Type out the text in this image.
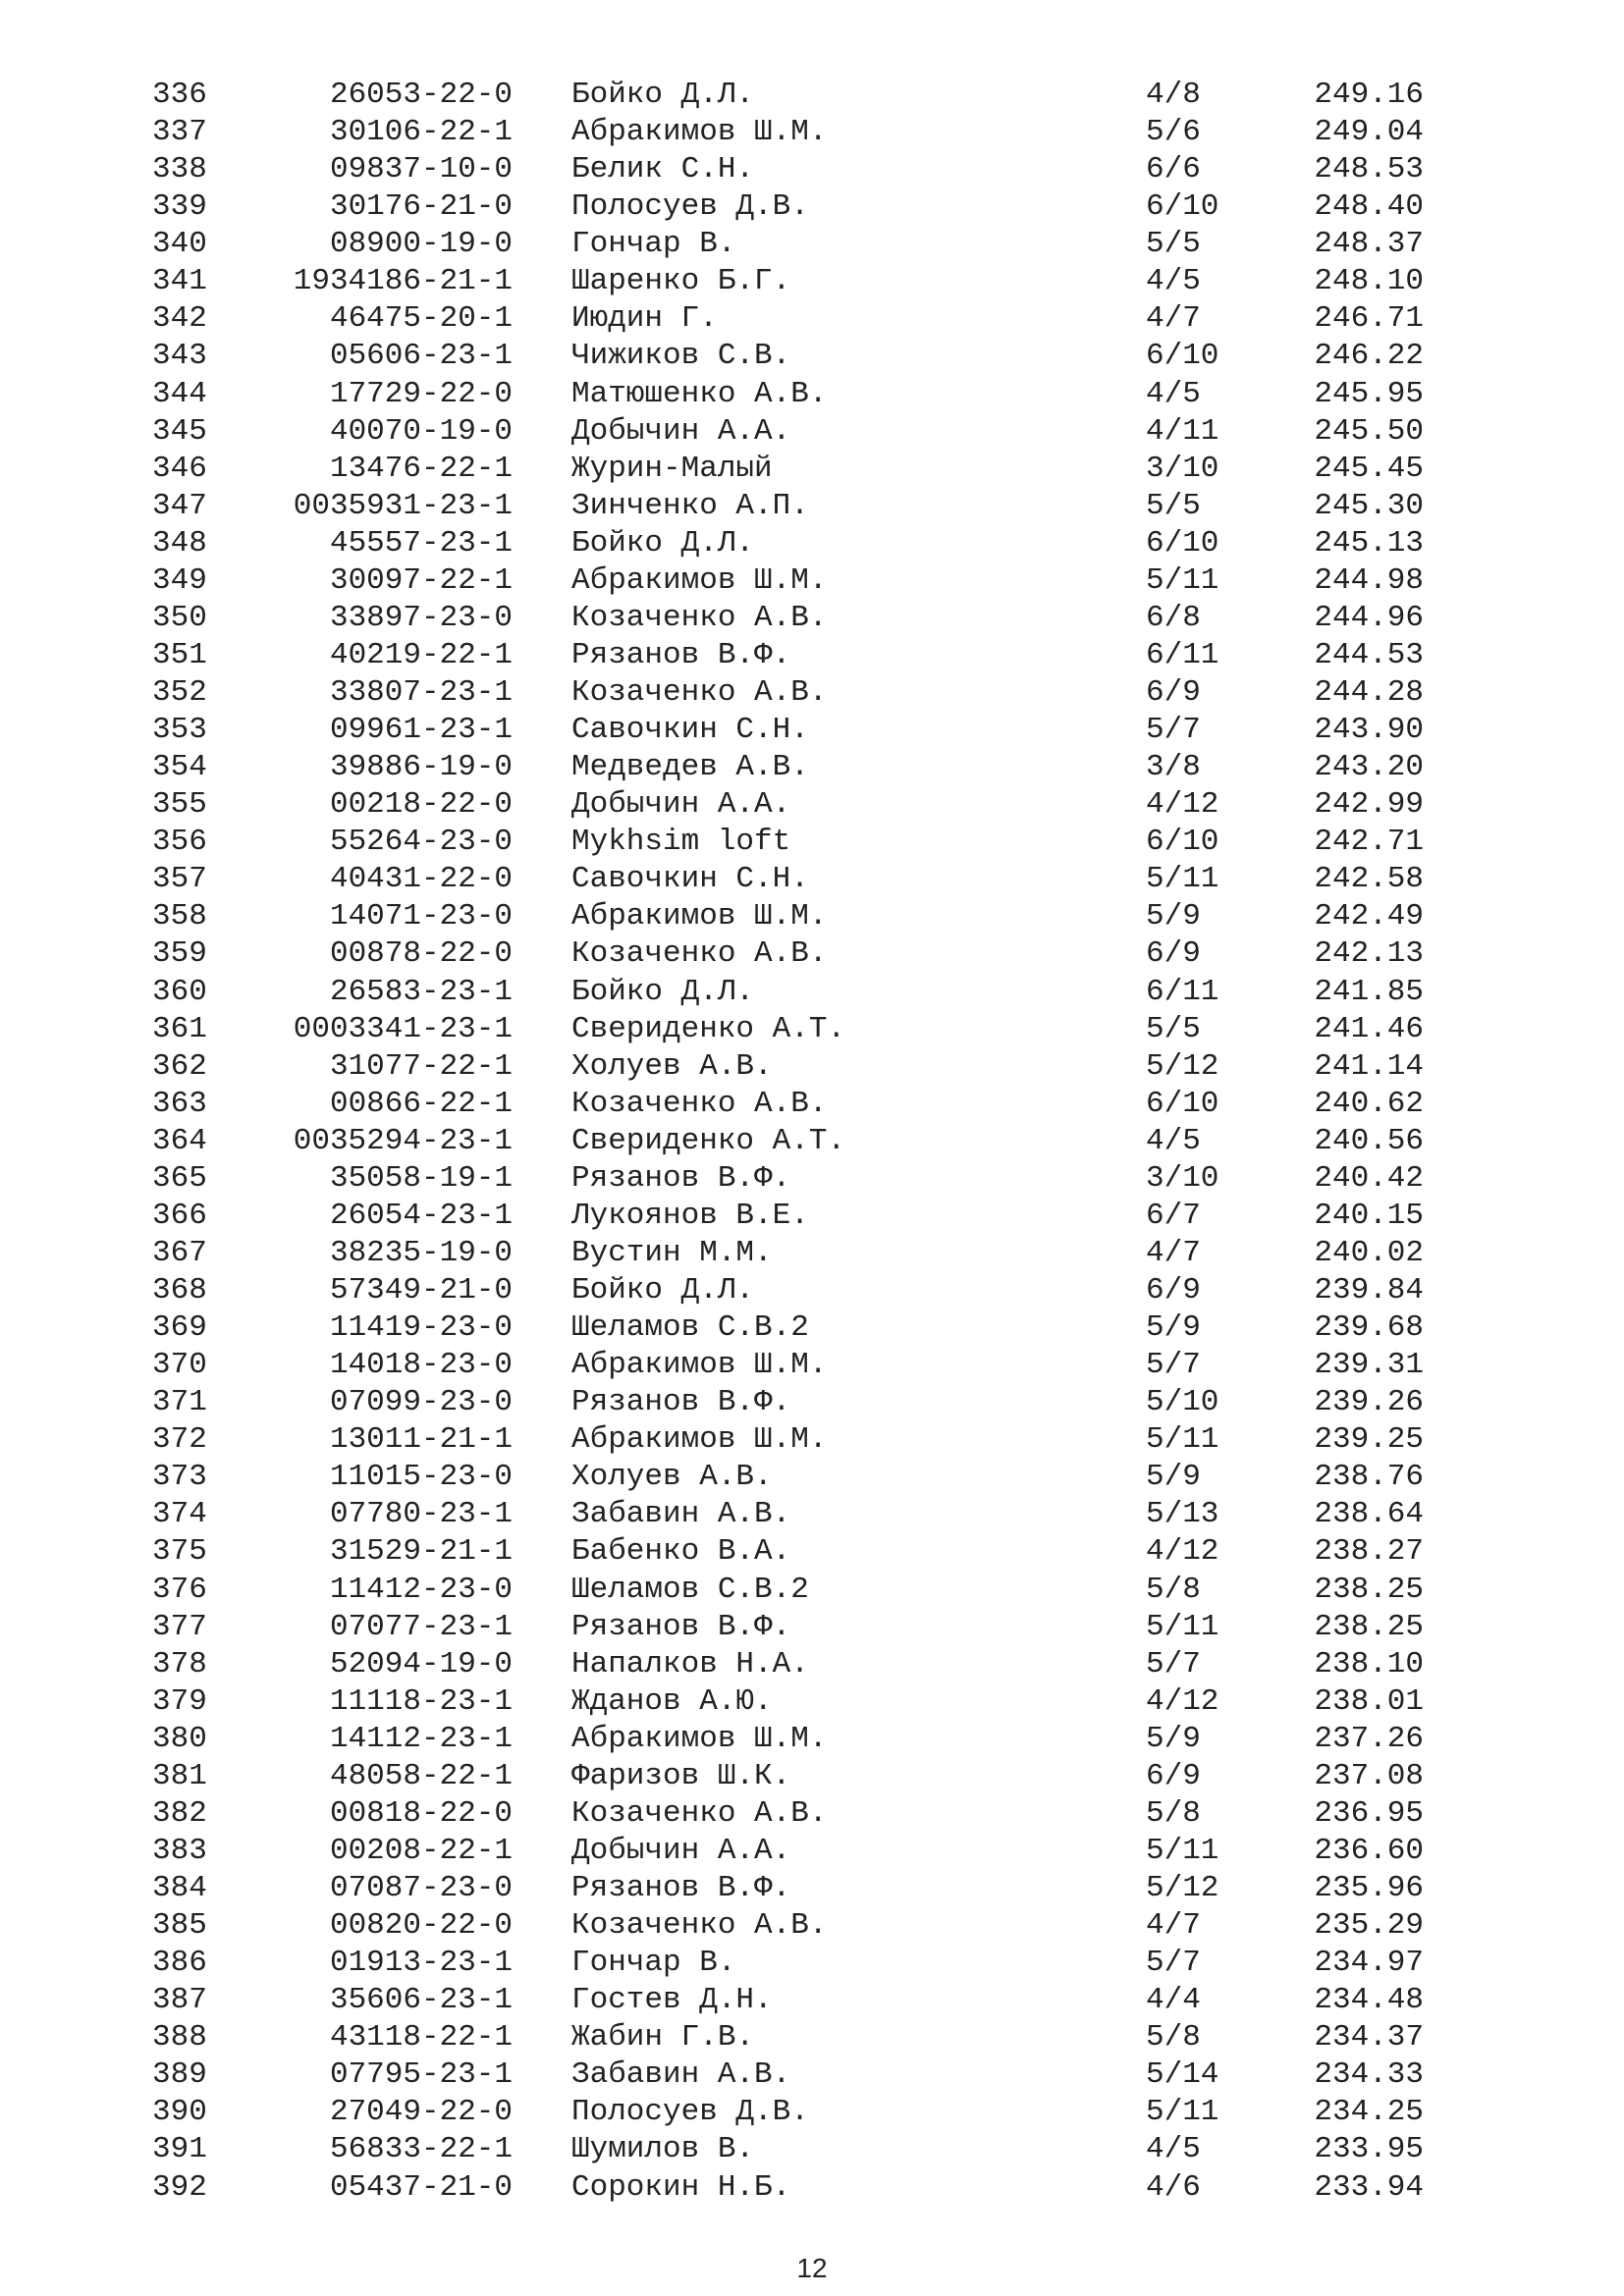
336	26053-22-0 Бойко Д.Л.	4/8	249.16
337	30106-22-1 Абракимов Ш.М.	5/6	249.04
338	09837-10-0 Белик С.Н.	6/6	248.53
339	30176-21-0 Полосуев Д.В.	6/10	248.40
340	08900-19-0 Гончар В.	5/5	248.37
341	1934186-21-1 Шаренко Б.Г.	4/5	248.10
342	46475-20-1 Июдин Г.	4/7	246.71
343	05606-23-1 Чижиков С.В.	6/10	246.22
344	17729-22-0 Матюшенко А.В.	4/5	245.95
345	40070-19-0 Добычин А.А.	4/11	245.50
346	13476-22-1 Журин-Малый	3/10	245.45
347	0035931-23-1 Зинченко А.П.	5/5	245.30
348	45557-23-1 Бойко Д.Л.	6/10	245.13
349	30097-22-1 Абракимов Ш.М.	5/11	244.98
350	33897-23-0 Козаченко А.В.	6/8	244.96
351	40219-22-1 Рязанов В.Ф.	6/11	244.53
352	33807-23-1 Козаченко А.В.	6/9	244.28
353	09961-23-1 Савочкин С.Н.	5/7	243.90
354	39886-19-0 Медведев А.В.	3/8	243.20
355	00218-22-0 Добычин А.А.	4/12	242.99
356	55264-23-0 Mykhsim loft	6/10	242.71
357	40431-22-0 Савочкин С.Н.	5/11	242.58
358	14071-23-0 Абракимов Ш.М.	5/9	242.49
359	00878-22-0 Козаченко А.В.	6/9	242.13
360	26583-23-1 Бойко Д.Л.	6/11	241.85
361	0003341-23-1 Свериденко А.Т.	5/5	241.46
362	31077-22-1 Холуев А.В.	5/12	241.14
363	00866-22-1 Козаченко А.В.	6/10	240.62
364	0035294-23-1 Свериденко А.Т.	4/5	240.56
365	35058-19-1 Рязанов В.Ф.	3/10	240.42
366	26054-23-1 Лукоянов В.Е.	6/7	240.15
367	38235-19-0 Вустин М.М.	4/7	240.02
368	57349-21-0 Бойко Д.Л.	6/9	239.84
369	11419-23-0 Шеламов С.В.2	5/9	239.68
370	14018-23-0 Абракимов Ш.М.	5/7	239.31
371	07099-23-0 Рязанов В.Ф.	5/10	239.26
372	13011-21-1 Абракимов Ш.М.	5/11	239.25
373	11015-23-0 Холуев А.В.	5/9	238.76
374	07780-23-1 Забавин А.В.	5/13	238.64
375	31529-21-1 Бабенко В.А.	4/12	238.27
376	11412-23-0 Шеламов С.В.2	5/8	238.25
377	07077-23-1 Рязанов В.Ф.	5/11	238.25
378	52094-19-0 Напалков Н.А.	5/7	238.10
379	11118-23-1 Жданов А.Ю.	4/12	238.01
380	14112-23-1 Абракимов Ш.М.	5/9	237.26
381	48058-22-1 Фаризов Ш.К.	6/9	237.08
382	00818-22-0 Козаченко А.В.	5/8	236.95
383	00208-22-1 Добычин А.А.	5/11	236.60
384	07087-23-0 Рязанов В.Ф.	5/12	235.96
385	00820-22-0 Козаченко А.В.	4/7	235.29
386	01913-23-1 Гончар В.	5/7	234.97
387	35606-23-1 Гостев Д.Н.	4/4	234.48
388	43118-22-1 Жабин Г.В.	5/8	234.37
389	07795-23-1 Забавин А.В.	5/14	234.33
390	27049-22-0 Полосуев Д.В.	5/11	234.25
391	56833-22-1 Шумилов В.	4/5	233.95
392	05437-21-0 Сорокин Н.Б.	4/6	233.94
12
